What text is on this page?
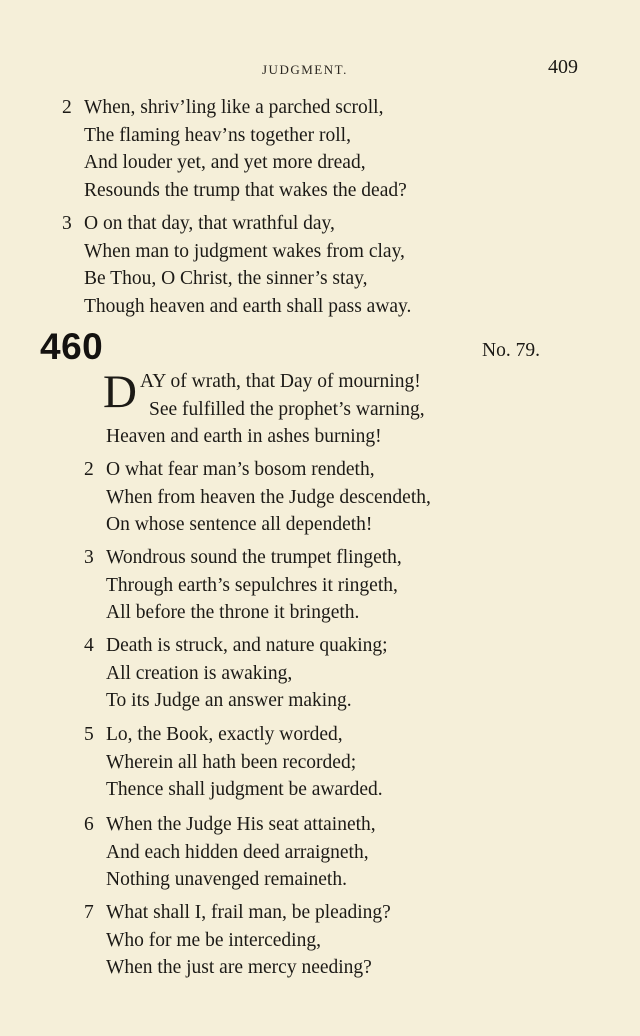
JUDGMENT.	409
2 When, shriv’ling like a parched scroll,
The flaming heav’ns together roll,
And louder yet, and yet more dread,
Resounds the trump that wakes the dead?
3 O on that day, that wrathful day,
When man to judgment wakes from clay,
Be Thou, O Christ, the sinner’s stay,
Though heaven and earth shall pass away.
460	No. 79.
D AY of wrath, that Day of mourning!
See fulfilled the prophet’s warning,
Heaven and earth in ashes burning!
2 O what fear man’s bosom rendeth,
When from heaven the Judge descendeth,
On whose sentence all dependeth!
3 Wondrous sound the trumpet flingeth,
Through earth’s sepulchres it ringeth,
All before the throne it bringeth.
4 Death is struck, and nature quaking;
All creation is awaking,
To its Judge an answer making.
5 Lo, the Book, exactly worded,
Wherein all hath been recorded;
Thence shall judgment be awarded.
6 When the Judge His seat attaineth,
And each hidden deed arraigneth,
Nothing unavenged remaineth.
7 What shall I, frail man, be pleading?
Who for me be interceding,
When the just are mercy needing?
